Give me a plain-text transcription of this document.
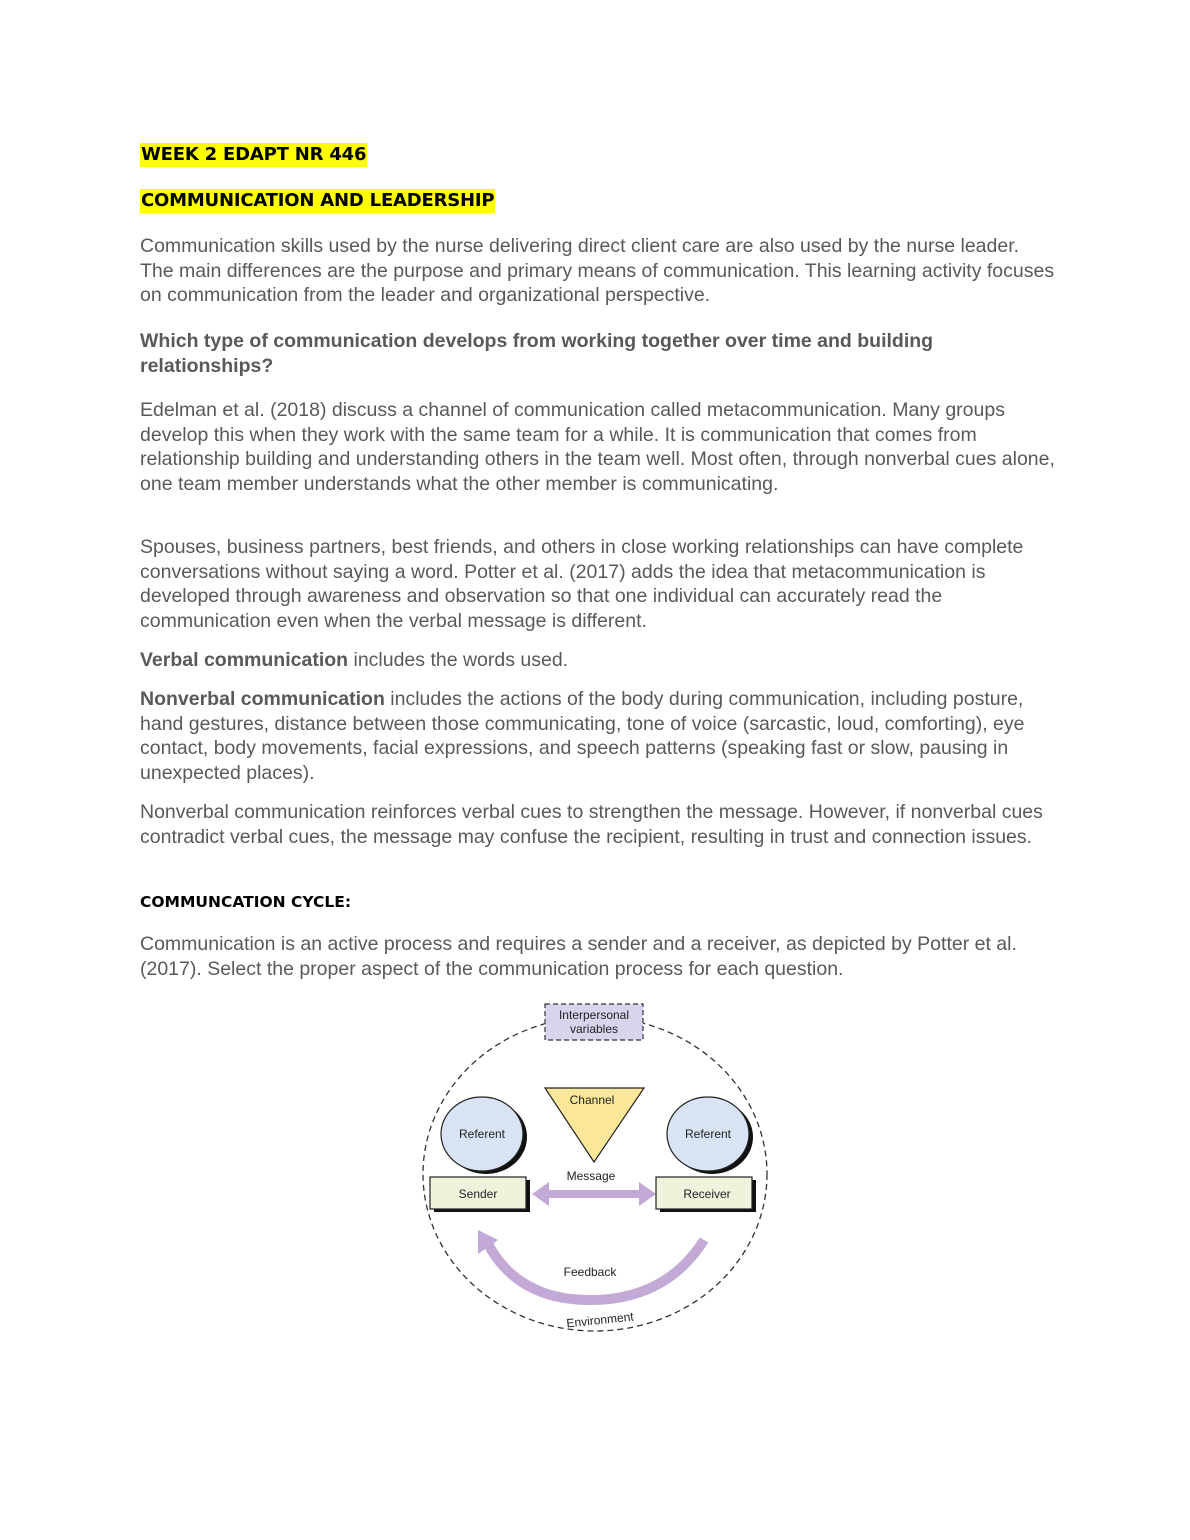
WEEK 2 EDAPT NR 446
COMMUNICATION AND LEADERSHIP

Communication skills used by the nurse delivering direct client care are also used by the nurse leader. The main differences are the purpose and primary means of communication. This learning activity focuses on communication from the leader and organizational perspective.

Which type of communication develops from working together over time and building relationships?

Edelman et al. (2018) discuss a channel of communication called metacommunication. Many groups develop this when they work with the same team for a while. It is communication that comes from relationship building and understanding others in the team well. Most often, through nonverbal cues alone, one team member understands what the other member is communicating.

Spouses, business partners, best friends, and others in close working relationships can have complete conversations without saying a word. Potter et al. (2017) adds the idea that metacommunication is developed through awareness and observation so that one individual can accurately read the communication even when the verbal message is different.

Verbal communication includes the words used.

Nonverbal communication includes the actions of the body during communication, including posture, hand gestures, distance between those communicating, tone of voice (sarcastic, loud, comforting), eye contact, body movements, facial expressions, and speech patterns (speaking fast or slow, pausing in unexpected places).

Nonverbal communication reinforces verbal cues to strengthen the message. However, if nonverbal cues contradict verbal cues, the message may confuse the recipient, resulting in trust and connection issues.

COMMUNCATION CYCLE:

Communication is an active process and requires a sender and a receiver, as depicted by Potter et al. (2017). Select the proper aspect of the communication process for each question.

Interpersonal
variables
Referent	Referent
Channel
Message
Sender	Receiver
Feedback
Environment
